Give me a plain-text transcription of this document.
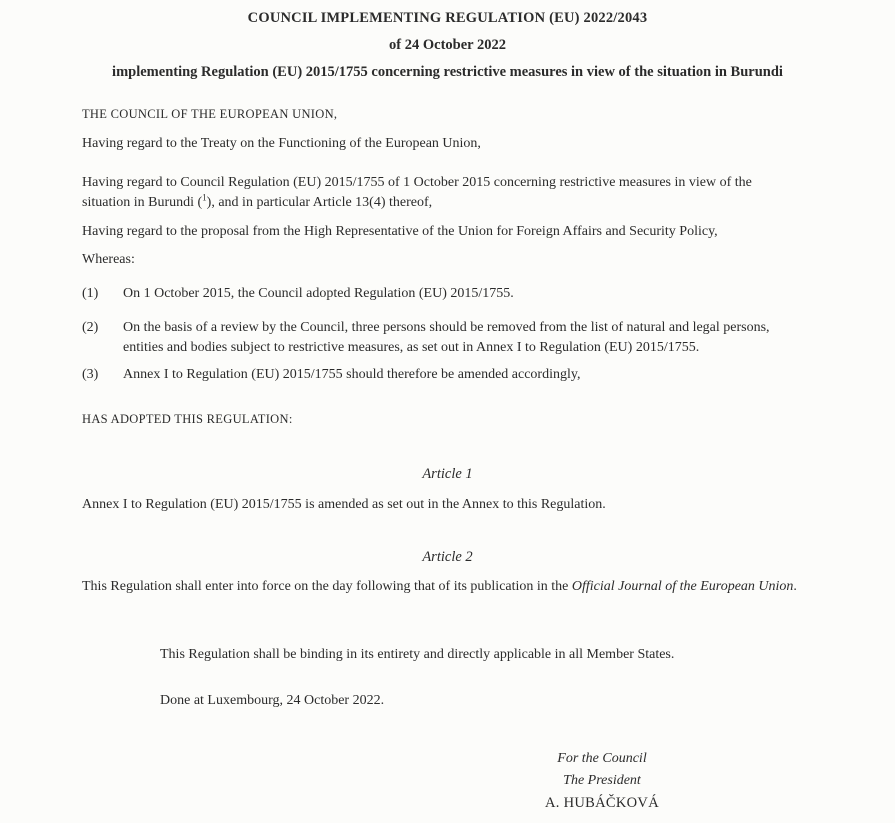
COUNCIL IMPLEMENTING REGULATION (EU) 2022/2043
of 24 October 2022
implementing Regulation (EU) 2015/1755 concerning restrictive measures in view of the situation in Burundi

THE COUNCIL OF THE EUROPEAN UNION,

Having regard to the Treaty on the Functioning of the European Union,

Having regard to Council Regulation (EU) 2015/1755 of 1 October 2015 concerning restrictive measures in view of the situation in Burundi ($^1$), and in particular Article 13(4) thereof,

Having regard to the proposal from the High Representative of the Union for Foreign Affairs and Security Policy,

Whereas:

(1)	On 1 October 2015, the Council adopted Regulation (EU) 2015/1755.
(2)	On the basis of a review by the Council, three persons should be removed from the list of natural and legal persons, entities and bodies subject to restrictive measures, as set out in Annex I to Regulation (EU) 2015/1755.
(3)	Annex I to Regulation (EU) 2015/1755 should therefore be amended accordingly,

HAS ADOPTED THIS REGULATION:

Article 1

Annex I to Regulation (EU) 2015/1755 is amended as set out in the Annex to this Regulation.

Article 2

This Regulation shall enter into force on the day following that of its publication in the Official Journal of the European Union.

This Regulation shall be binding in its entirety and directly applicable in all Member States.

Done at Luxembourg, 24 October 2022.

For the Council
The President
A. HUBÁČKOVÁ
